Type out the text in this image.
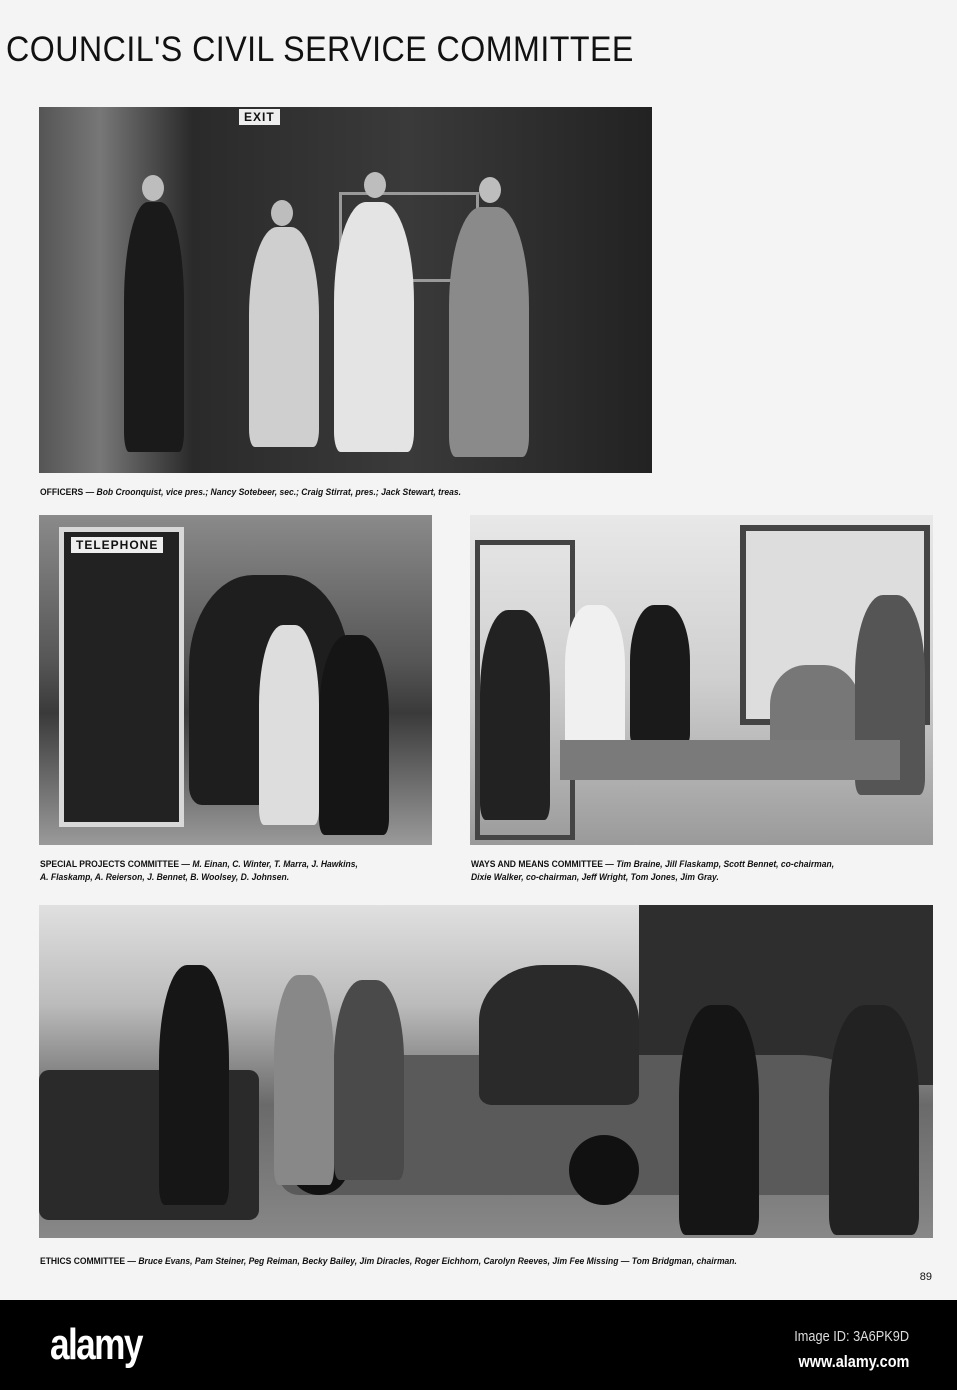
COUNCIL'S CIVIL SERVICE COMMITTEE
EXIT
OFFICERS — Bob Croonquist, vice pres.; Nancy Sotebeer, sec.; Craig Stirrat, pres.; Jack Stewart, treas.
TELEPHONE
SPECIAL PROJECTS COMMITTEE — M. Einan, C. Winter, T. Marra, J. Hawkins,
A. Flaskamp, A. Reierson, J. Bennet, B. Woolsey, D. Johnsen.
WAYS AND MEANS COMMITTEE — Tim Braine, Jill Flaskamp, Scott Bennet, co-chairman,
Dixie Walker, co-chairman, Jeff Wright, Tom Jones, Jim Gray.
ETHICS COMMITTEE — Bruce Evans, Pam Steiner, Peg Reiman, Becky Bailey, Jim Diracles, Roger Eichhorn, Carolyn Reeves, Jim Fee Missing — Tom Bridgman, chairman.
89
alamy	Image ID: 3A6PK9D
www.alamy.com
